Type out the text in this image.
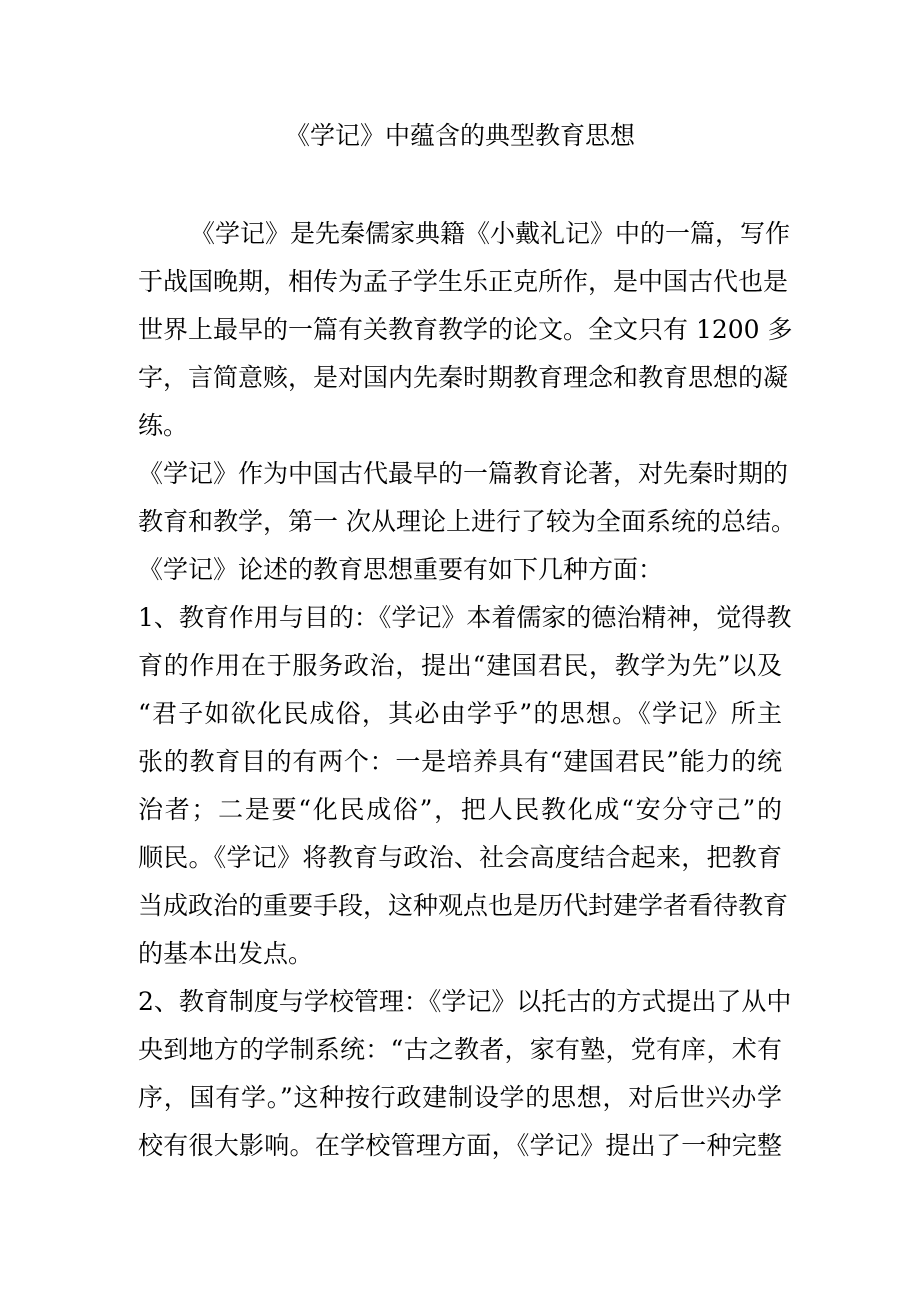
《学记》中蕴含的典型教育思想
《学记》是先秦儒家典籍《小戴礼记》中的一篇，写作
于战国晚期，相传为孟子学生乐正克所作，是中国古代也是
世界上最早的一篇有关教育教学的论文。全文只有 1200 多
字，言简意赅，是对国内先秦时期教育理念和教育思想的凝
练。
《学记》作为中国古代最早的一篇教育论著，对先秦时期的
教育和教学，第一 次从理论上进行了较为全面系统的总结。
《学记》论述的教育思想重要有如下几种方面：
1、教育作用与目的：《学记》本着儒家的德治精神，觉得教
育的作用在于服务政治，提出“建国君民，教学为先”以及
“君子如欲化民成俗，其必由学乎”的思想。《学记》所主
张的教育目的有两个：一是培养具有“建国君民”能力的统
治者；二是要“化民成俗”，把人民教化成“安分守己”的
顺民。《学记》将教育与政治、社会高度结合起来，把教育
当成政治的重要手段，这种观点也是历代封建学者看待教育
的基本出发点。
2、教育制度与学校管理：《学记》以托古的方式提出了从中
央到地方的学制系统：“古之教者，家有塾，党有庠，术有
序，国有学。”这种按行政建制设学的思想，对后世兴办学
校有很大影响。在学校管理方面，《学记》提出了一种完整
